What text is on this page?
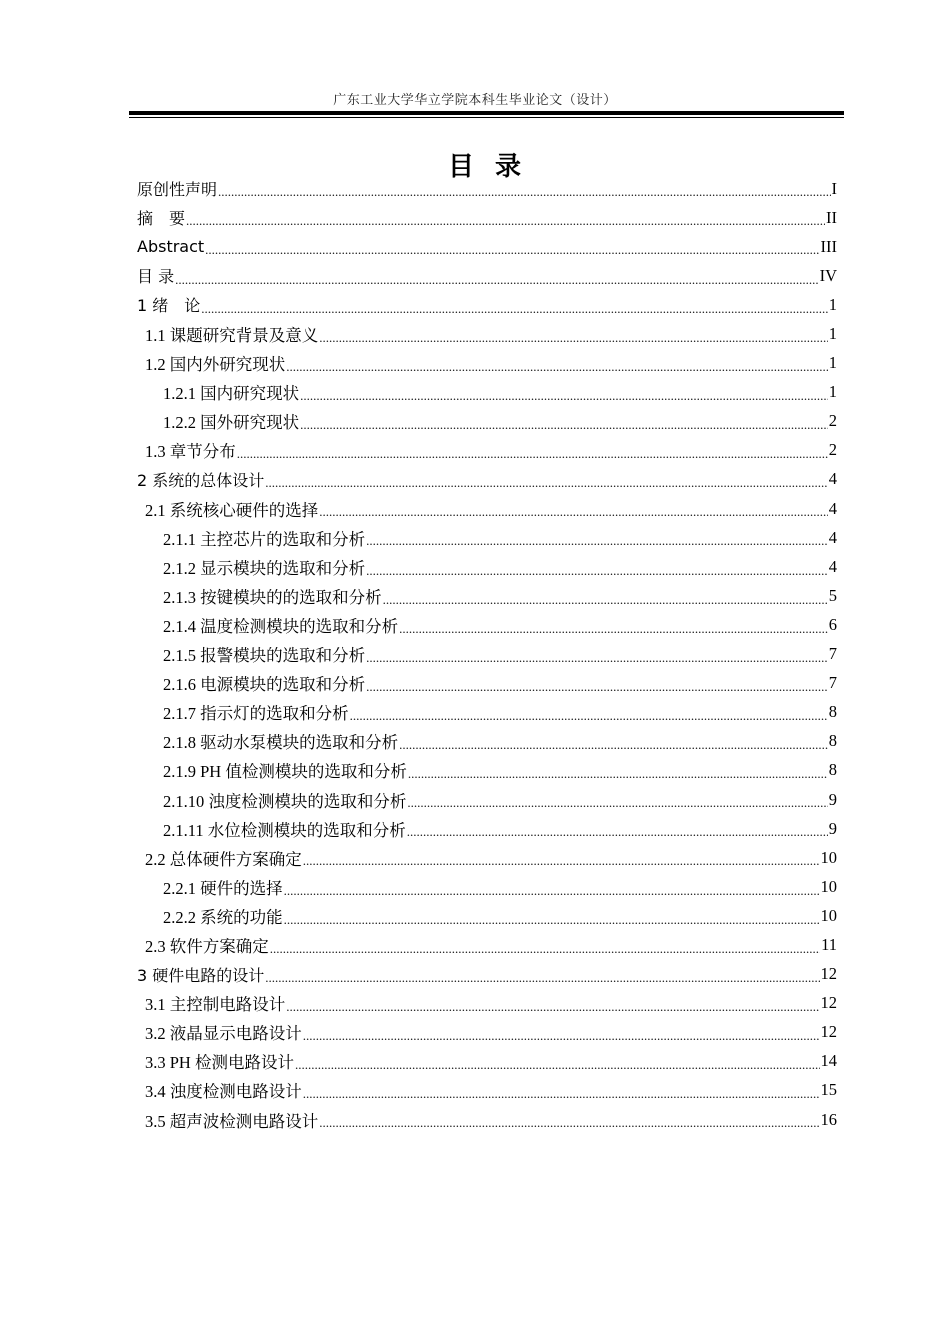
广东工业大学华立学院本科生毕业论文（设计）
目 录
原创性声明 .....	I
摘　要 .....	II
Abstract .....	III
目 录 .....	IV
1 绪　论 .....	1
1.1 课题研究背景及意义 .....	1
1.2 国内外研究现状 .....	1
1.2.1 国内研究现状 .....	1
1.2.2 国外研究现状 .....	2
1.3 章节分布 .....	2
2 系统的总体设计 .....	4
2.1 系统核心硬件的选择 .....	4
2.1.1 主控芯片的选取和分析 .....	4
2.1.2 显示模块的选取和分析 .....	4
2.1.3 按键模块的的选取和分析 .....	5
2.1.4 温度检测模块的选取和分析 .....	6
2.1.5 报警模块的选取和分析 .....	7
2.1.6 电源模块的选取和分析 .....	7
2.1.7 指示灯的选取和分析 .....	8
2.1.8 驱动水泵模块的选取和分析 .....	8
2.1.9 PH 值检测模块的选取和分析 .....	8
2.1.10 浊度检测模块的选取和分析 .....	9
2.1.11 水位检测模块的选取和分析 .....	9
2.2 总体硬件方案确定 .....	10
2.2.1 硬件的选择 .....	10
2.2.2 系统的功能 .....	10
2.3 软件方案确定 .....	11
3 硬件电路的设计 .....	12
3.1 主控制电路设计 .....	12
3.2 液晶显示电路设计 .....	12
3.3 PH 检测电路设计 .....	14
3.4 浊度检测电路设计 .....	15
3.5 超声波检测电路设计 .....	16
